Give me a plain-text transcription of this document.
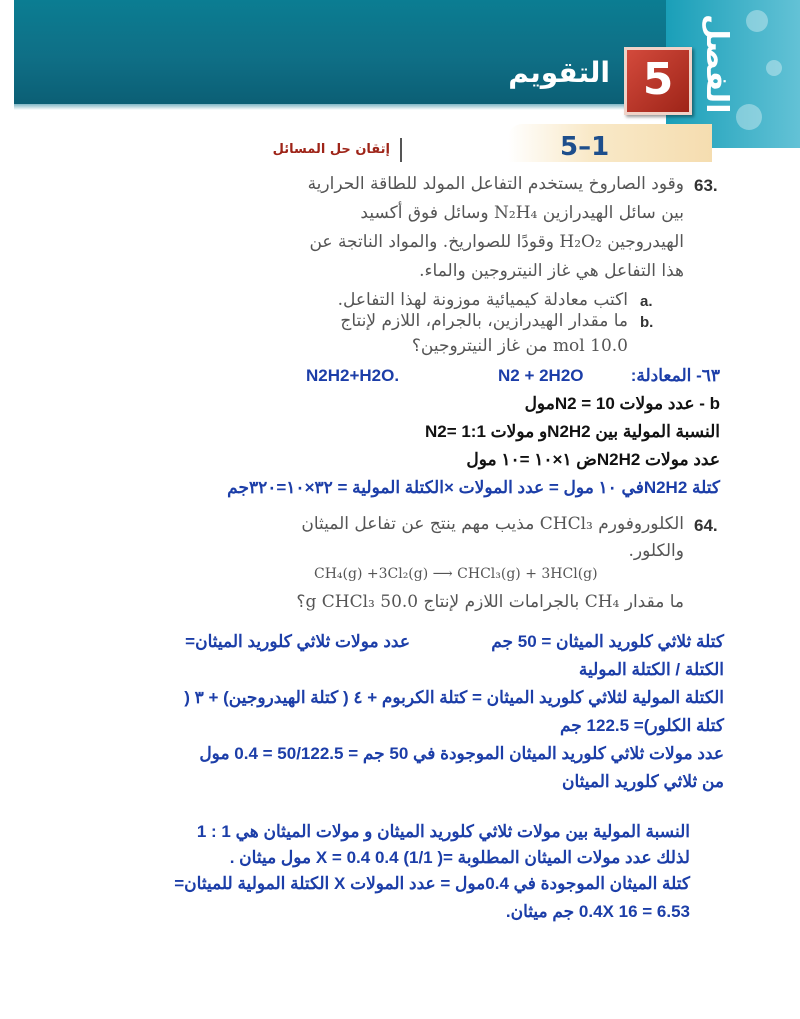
الفصل
5
التقويم
5–1
إتقان حل المسائل
63.
وقود الصاروخ يستخدم التفاعل المولد للطاقة الحرارية
بين سائل الهيدرازين N₂H₄ وسائل فوق أكسيد
الهيدروجين H₂O₂ وقودًا للصواريخ. والمواد الناتجة عن
هذا التفاعل هي غاز النيتروجين والماء.
a.
اكتب معادلة كيميائية موزونة لهذا التفاعل.
b.
ما مقدار الهيدرازين، بالجرام، اللازم لإنتاج
10.0 mol من غاز النيتروجين؟
٦٣- المعادلة:
N2 + 2H2O
N2H2+H2O.
b - عدد مولات N2 = 10مول
النسبة المولية بين N2H2و مولات N2= 1:1
عدد مولات N2H2ض ١×١٠ =١٠ مول
كتلة N2H2في ١٠ مول = عدد المولات ×الكتلة المولية = ٣٢×١٠=٣٢٠جم
64.
الكلوروفورم CHCl₃ مذيب مهم ينتج عن تفاعل الميثان
والكلور.
CH₄(g) +3Cl₂(g) ⟶ CHCl₃(g) + 3HCl(g)
ما مقدار CH₄ بالجرامات اللازم لإنتاج 50.0 g CHCl₃؟
كتلة ثلاثي كلوريد الميثان = 50 جم
عدد مولات ثلاثي كلوريد الميثان=
الكتلة / الكتلة المولية
الكتلة المولية لثلاثي كلوريد الميثان = كتلة الكربوم + ٤ ( كتلة الهيدروجين) + ٣ (
كتلة الكلور)= 122.5 جم
عدد مولات ثلاثي كلوريد الميثان الموجودة في 50 جم = 50/122.5 = 0.4 مول
من ثلاثي كلوريد الميثان
النسبة المولية بين مولات ثلاثي كلوريد الميثان و مولات الميثان هي 1 : 1
لذلك عدد مولات الميثان المطلوبة =( 1/1) 0.4 X = 0.4 مول ميثان .
كتلة الميثان الموجودة في 0.4مول = عدد المولات X الكتلة المولية للميثان=
0.4X 16 = 6.53 جم ميثان.
